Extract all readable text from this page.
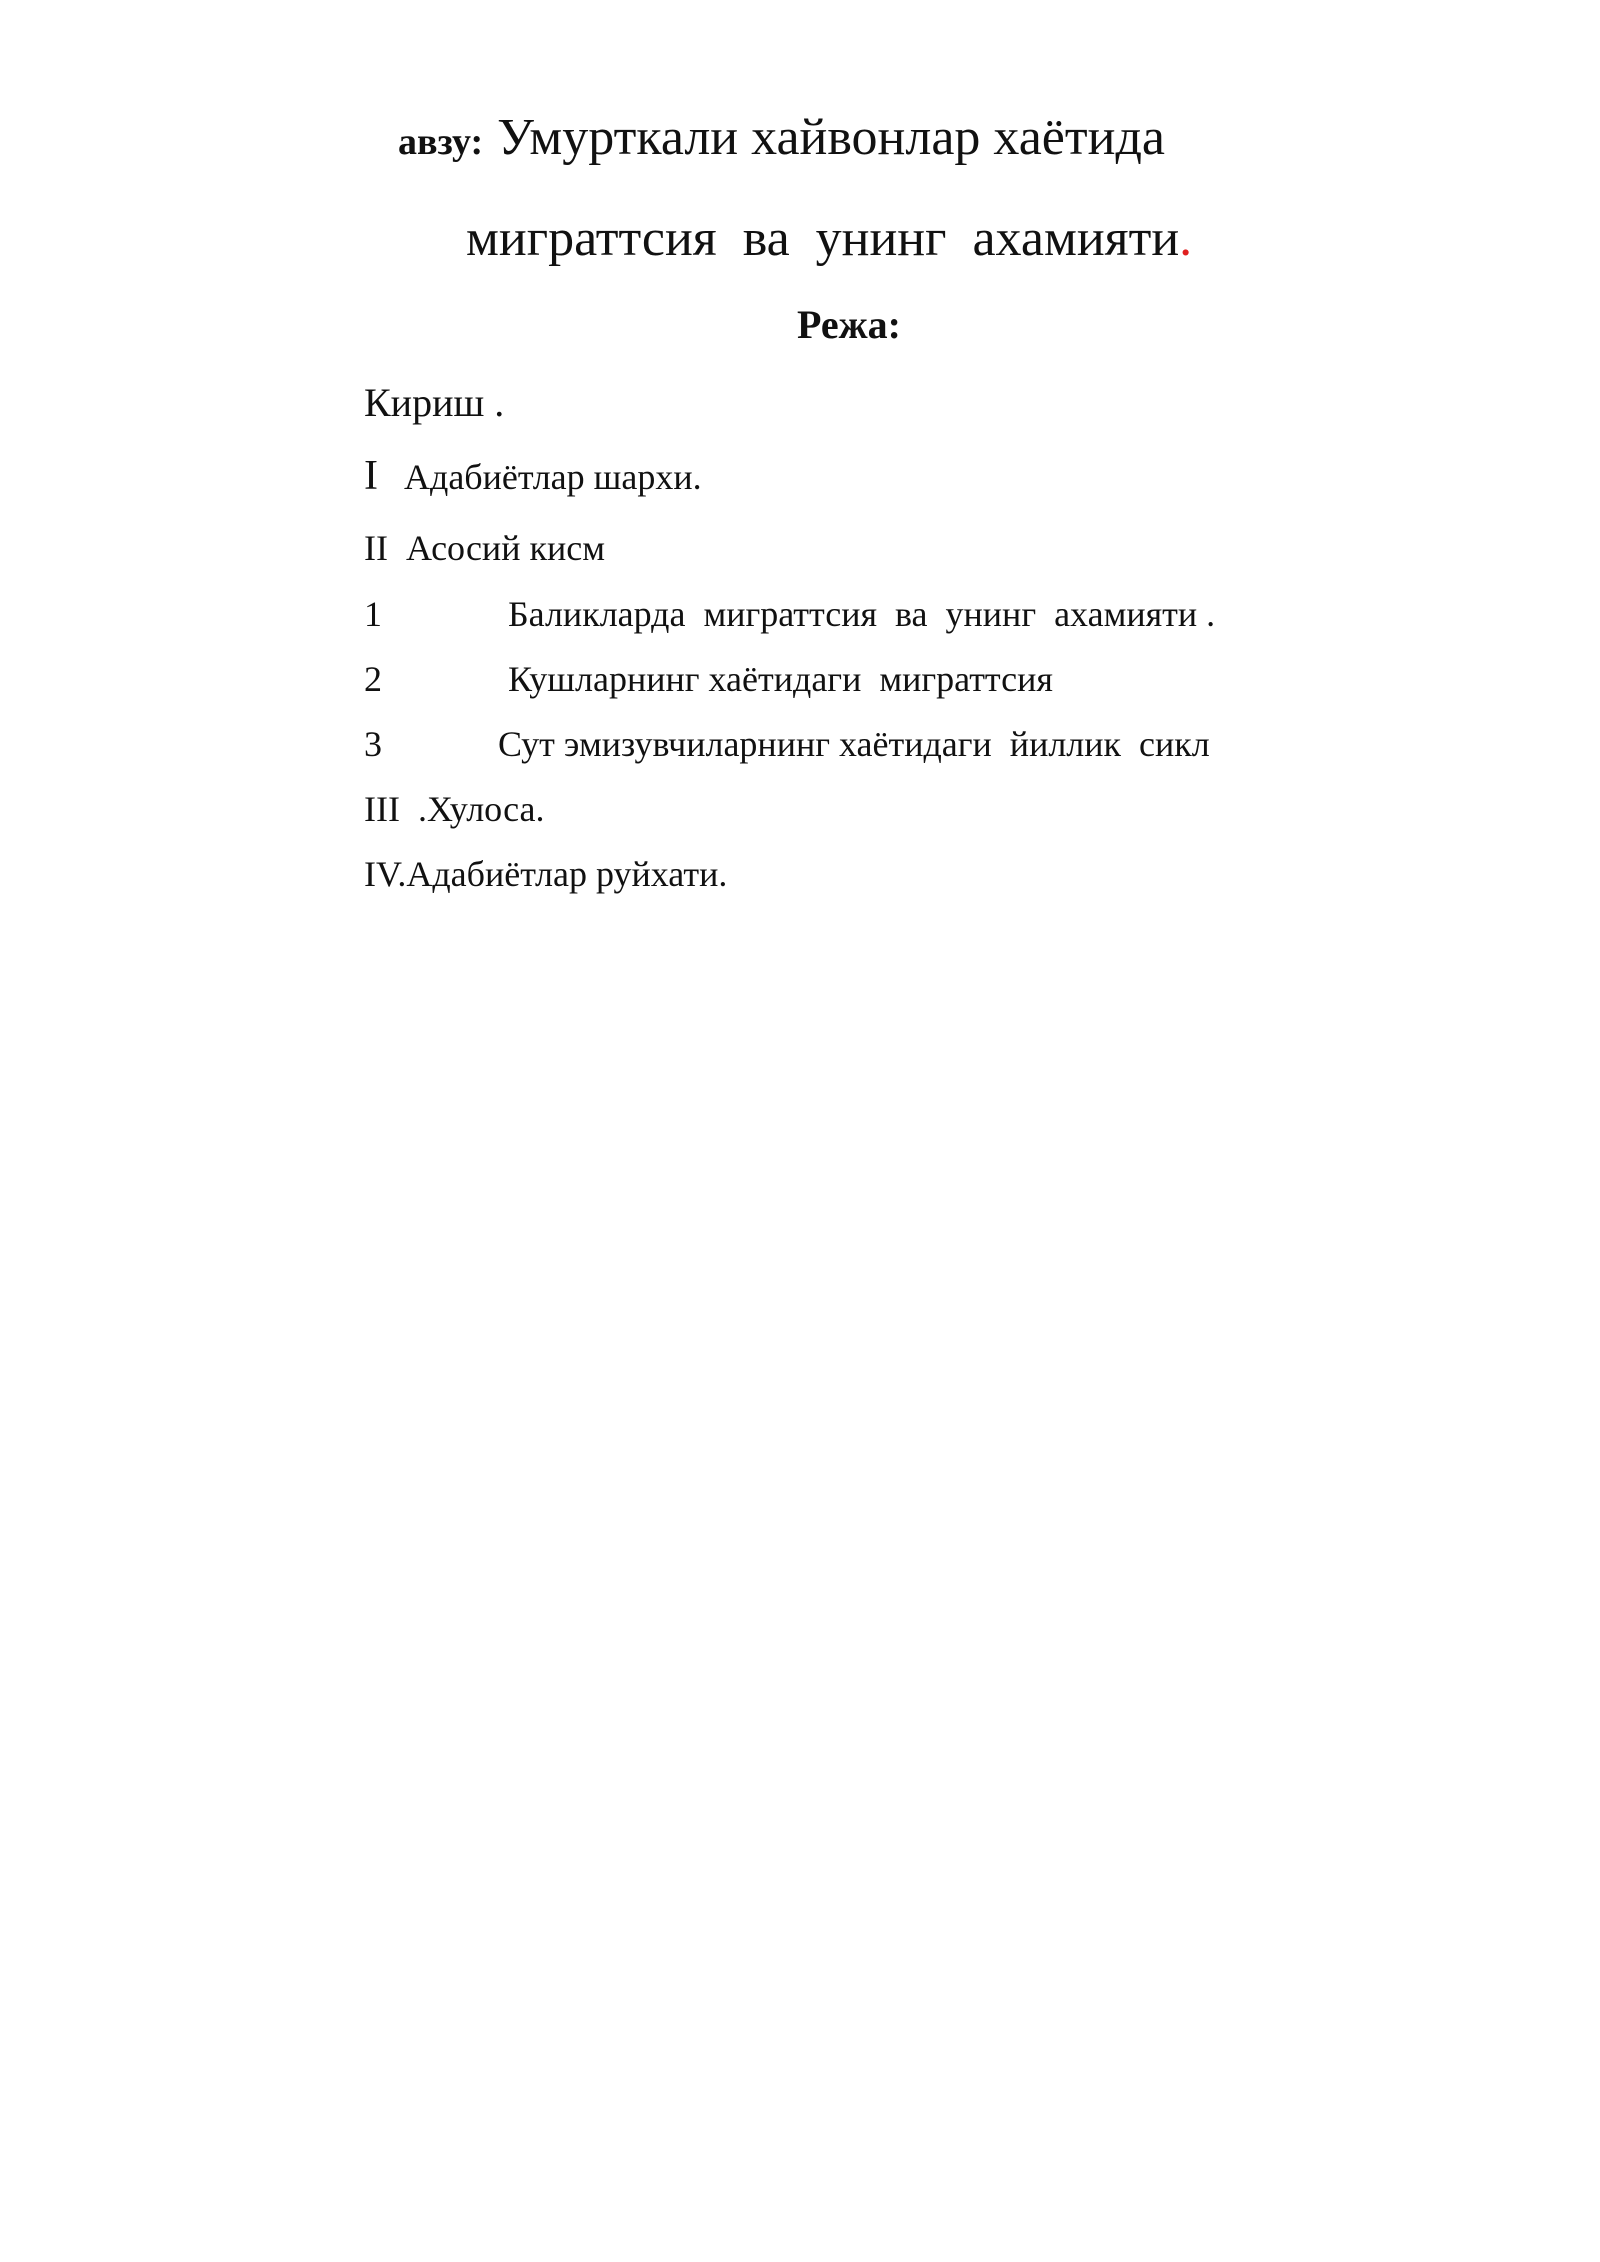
авзу: Умурткали хайвонлар хаётида
миграттсия  ва  унинг  ахамияти.
Режа:
Кириш .
I Адабиётлар шархи.
II  Асосий кисм
1	Баликларда  миграттсия  ва  унинг  ахамияти .
2	Кушларнинг хаётидаги  миграттсия
3	Сут эмизувчиларнинг хаётидаги  йиллик  сикл
III  .Хулоса.
IV.Адабиётлар руйхати.
